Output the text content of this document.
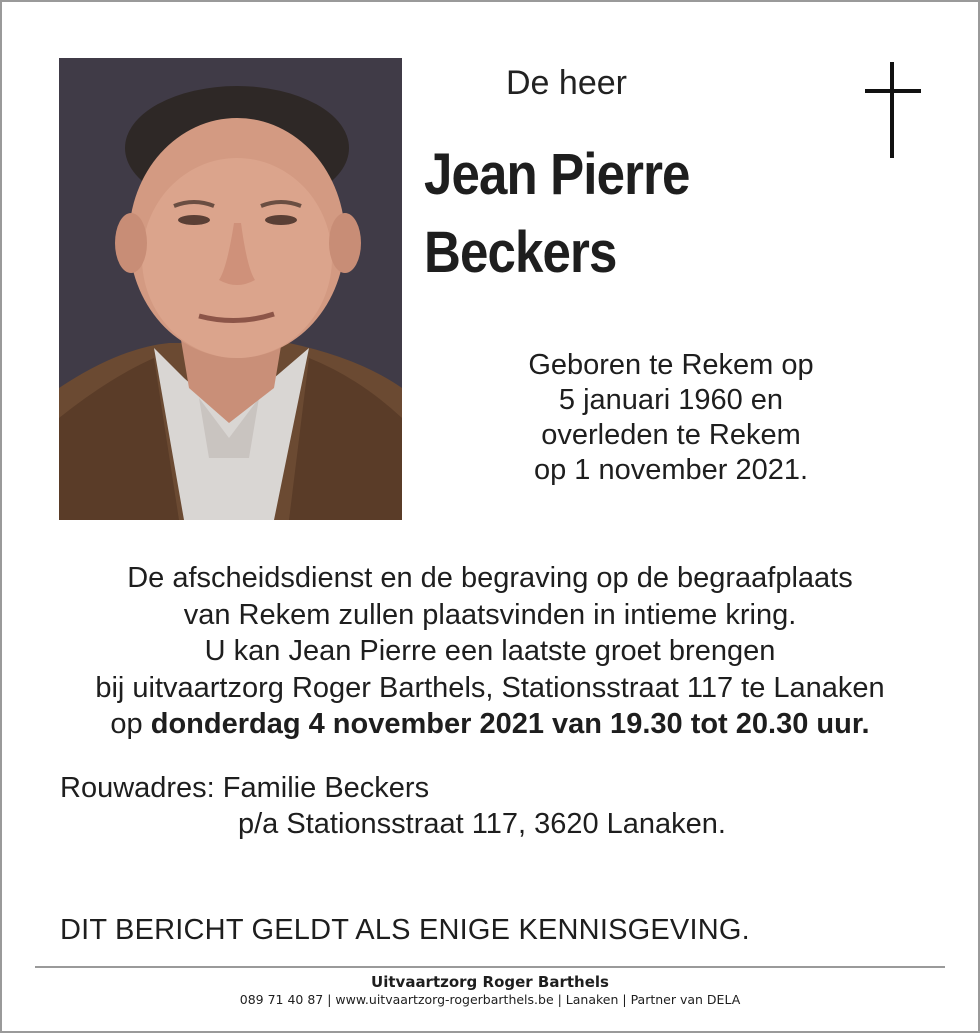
De heer
Jean Pierre
Beckers
Geboren te Rekem op
5 januari 1960 en
overleden te Rekem
op 1 november 2021.
De afscheidsdienst en de begraving op de begraafplaats
van Rekem zullen plaatsvinden in intieme kring.
U kan Jean Pierre een laatste groet brengen
bij uitvaartzorg Roger Barthels, Stationsstraat 117 te Lanaken
op donderdag 4 november 2021 van 19.30 tot 20.30 uur.
Rouwadres: Familie Beckers
p/a Stationsstraat 117, 3620 Lanaken.
DIT BERICHT GELDT ALS ENIGE KENNISGEVING.
Uitvaartzorg Roger Barthels
089 71 40 87 | www.uitvaartzorg-rogerbarthels.be | Lanaken | Partner van DELA
